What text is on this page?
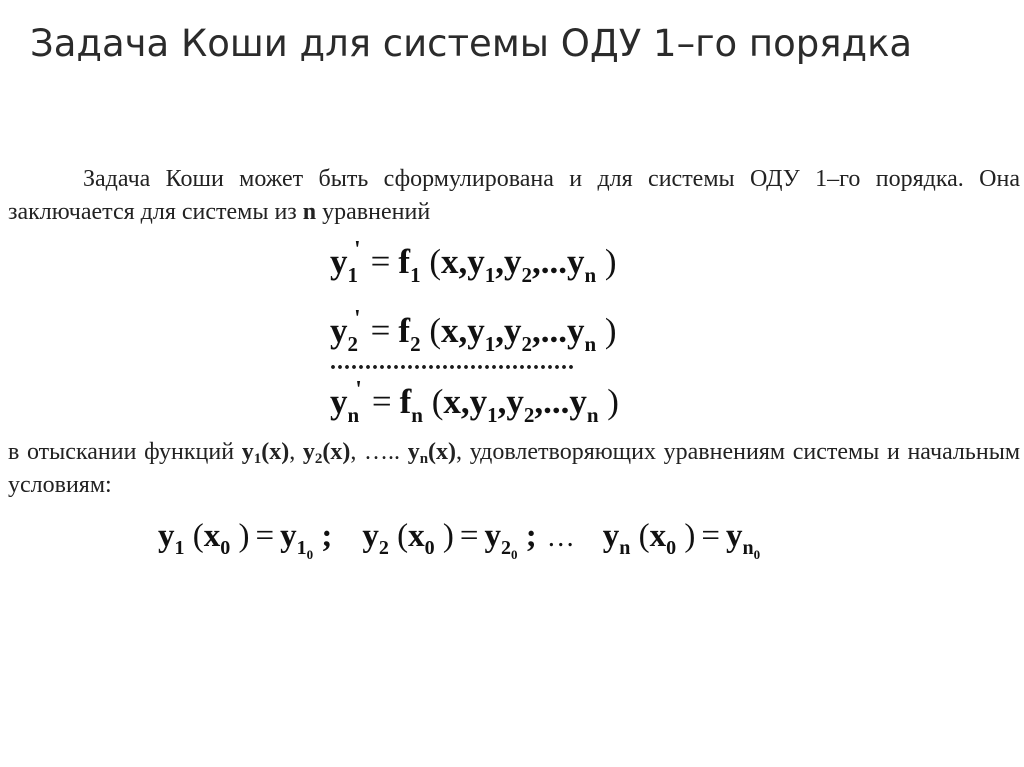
Задача Коши для системы ОДУ 1–го порядка
Задача Коши может быть сформулирована и для системы ОДУ 1–го порядка. Она заключается для системы из n уравнений
$y_1' = f_1$ ($x,y_1,y_2,...y_n$ )
$y_2' = f_2$ ($x,y_1,y_2,...y_n$ )
...................................
$y_n' = f_n$ ($x,y_1,y_2,...y_n$ )
в отыскании функций $y_1(x)$, $y_2(x)$, ….. $y_n(x)$, удовлетворяющих уравнениям системы и начальным условиям:
$y_1$ ($x_0$ ) = $y_{10}$ ; $y_2$ ($x_0$ ) = $y_{20}$ ; … $y_n$ ($x_0$ ) = $y_{n0}$
